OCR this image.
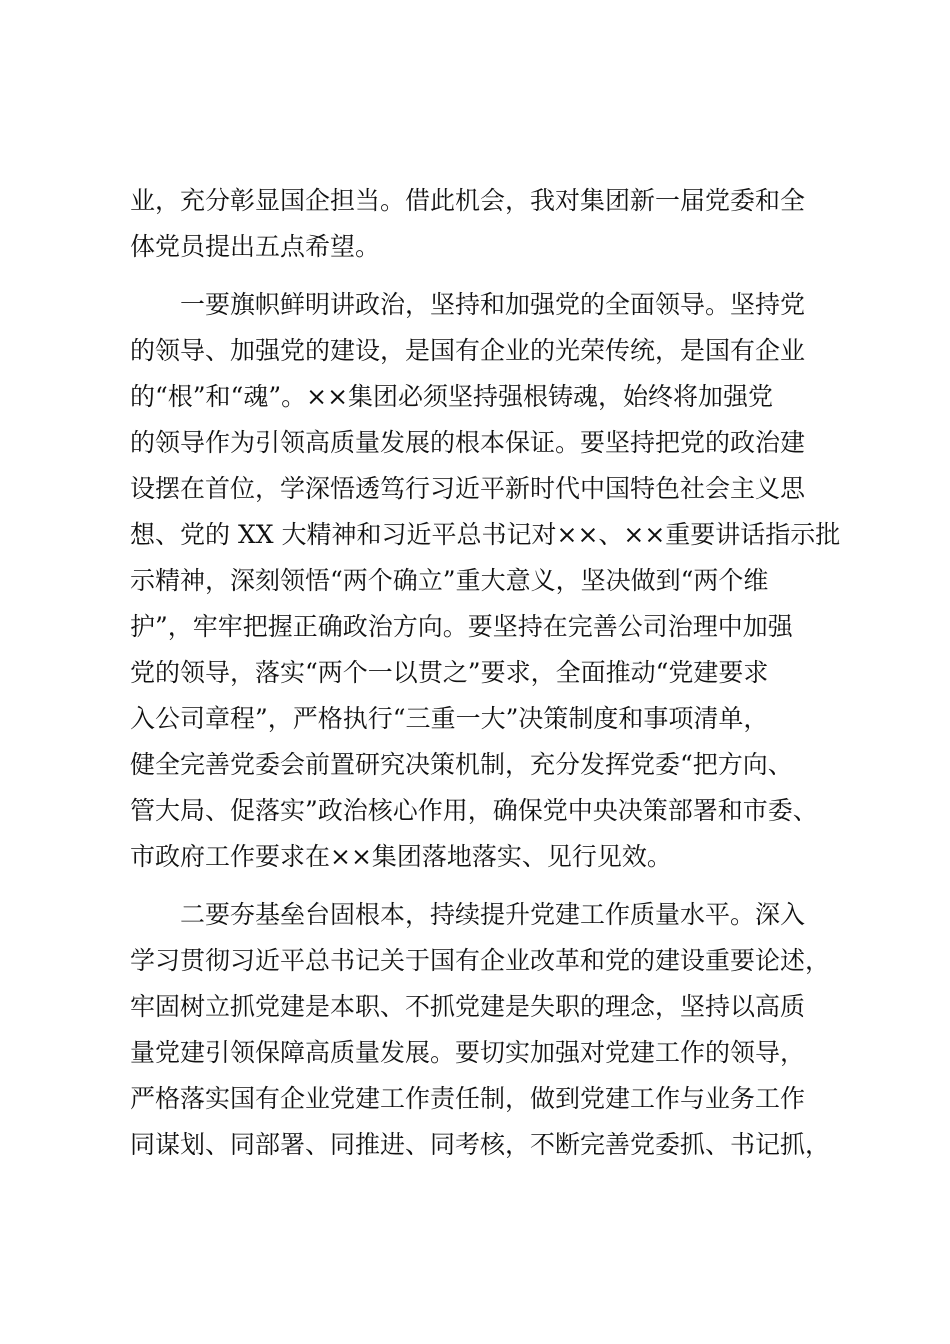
业，充分彰显国企担当。借此机会，我对集团新一届党委和全
体党员提出五点希望。
一要旗帜鲜明讲政治，坚持和加强党的全面领导。坚持党
的领导、加强党的建设，是国有企业的光荣传统，是国有企业
的“根”和“魂”。××集团必须坚持强根铸魂，始终将加强党
的领导作为引领高质量发展的根本保证。要坚持把党的政治建
设摆在首位，学深悟透笃行习近平新时代中国特色社会主义思
想、党的 XX 大精神和习近平总书记对××、××重要讲话指示批
示精神，深刻领悟“两个确立”重大意义，坚决做到“两个维
护”，牢牢把握正确政治方向。要坚持在完善公司治理中加强
党的领导，落实“两个一以贯之”要求，全面推动“党建要求
入公司章程”，严格执行“三重一大”决策制度和事项清单，
健全完善党委会前置研究决策机制，充分发挥党委“把方向、
管大局、促落实”政治核心作用，确保党中央决策部署和市委、
市政府工作要求在××集团落地落实、见行见效。
二要夯基垒台固根本，持续提升党建工作质量水平。深入
学习贯彻习近平总书记关于国有企业改革和党的建设重要论述，
牢固树立抓党建是本职、不抓党建是失职的理念，坚持以高质
量党建引领保障高质量发展。要切实加强对党建工作的领导，
严格落实国有企业党建工作责任制，做到党建工作与业务工作
同谋划、同部署、同推进、同考核，不断完善党委抓、书记抓，
